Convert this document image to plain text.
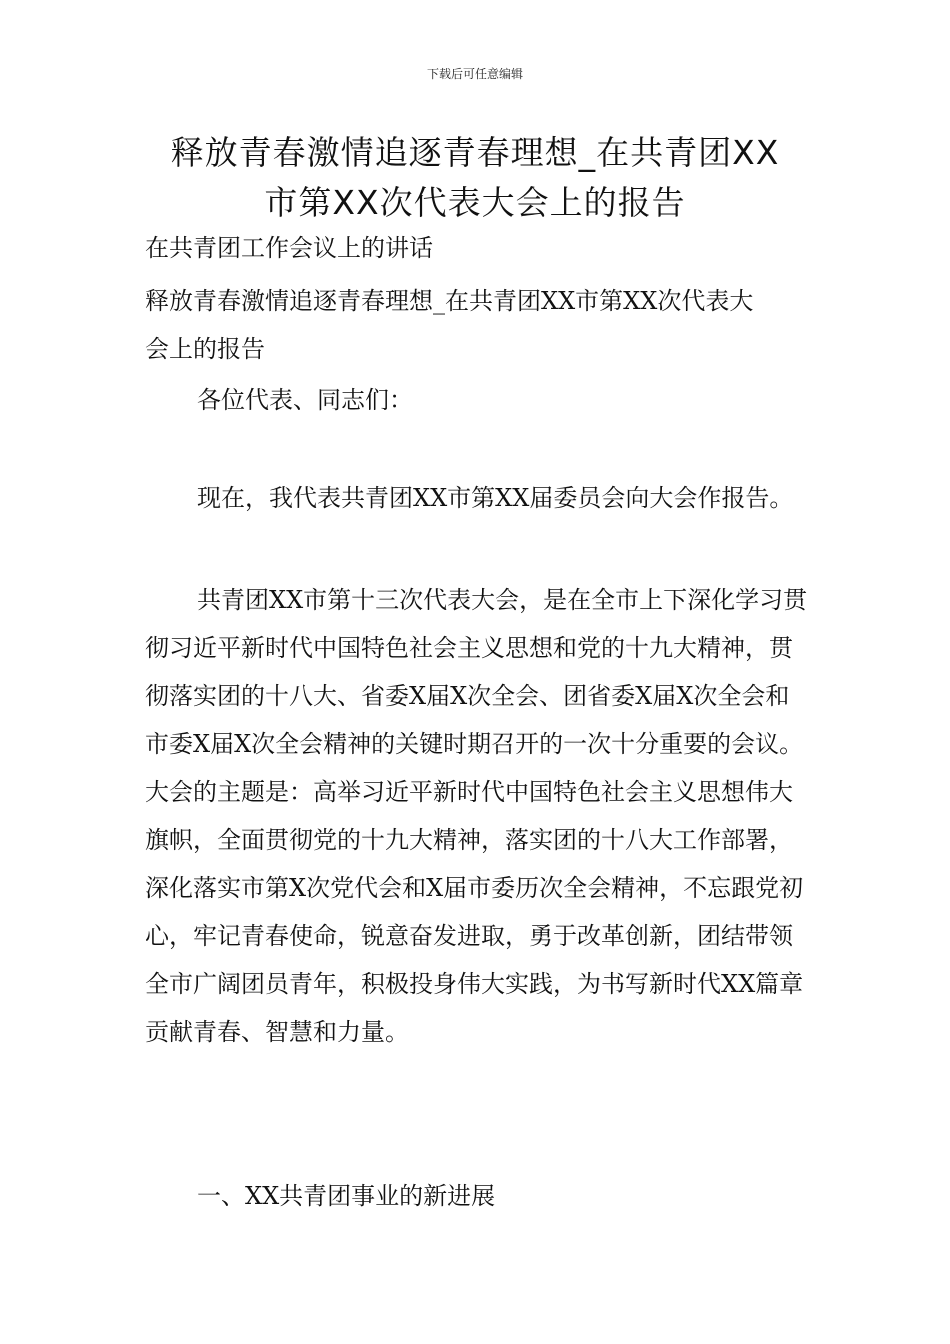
下载后可任意编辑
释放青春激情追逐青春理想_在共青团XX
市第XX次代表大会上的报告

在共青团工作会议上的讲话

释放青春激情追逐青春理想_在共青团XX市第XX次代表大

会上的报告

各位代表、同志们：

现在，我代表共青团XX市第XX届委员会向大会作报告。

共青团XX市第十三次代表大会，是在全市上下深化学习贯彻习近平新时代中国特色社会主义思想和党的十九大精神，贯彻落实团的十八大、省委X届X次全会、团省委X届X次全会和市委X届X次全会精神的关键时期召开的一次十分重要的会议。大会的主题是：高举习近平新时代中国特色社会主义思想伟大旗帜，全面贯彻党的十九大精神，落实团的十八大工作部署，深化落实市第X次党代会和X届市委历次全会精神，不忘跟党初心，牢记青春使命，锐意奋发进取，勇于改革创新，团结带领全市广阔团员青年，积极投身伟大实践，为书写新时代XX篇章贡献青春、智慧和力量。

一、XX共青团事业的新进展
